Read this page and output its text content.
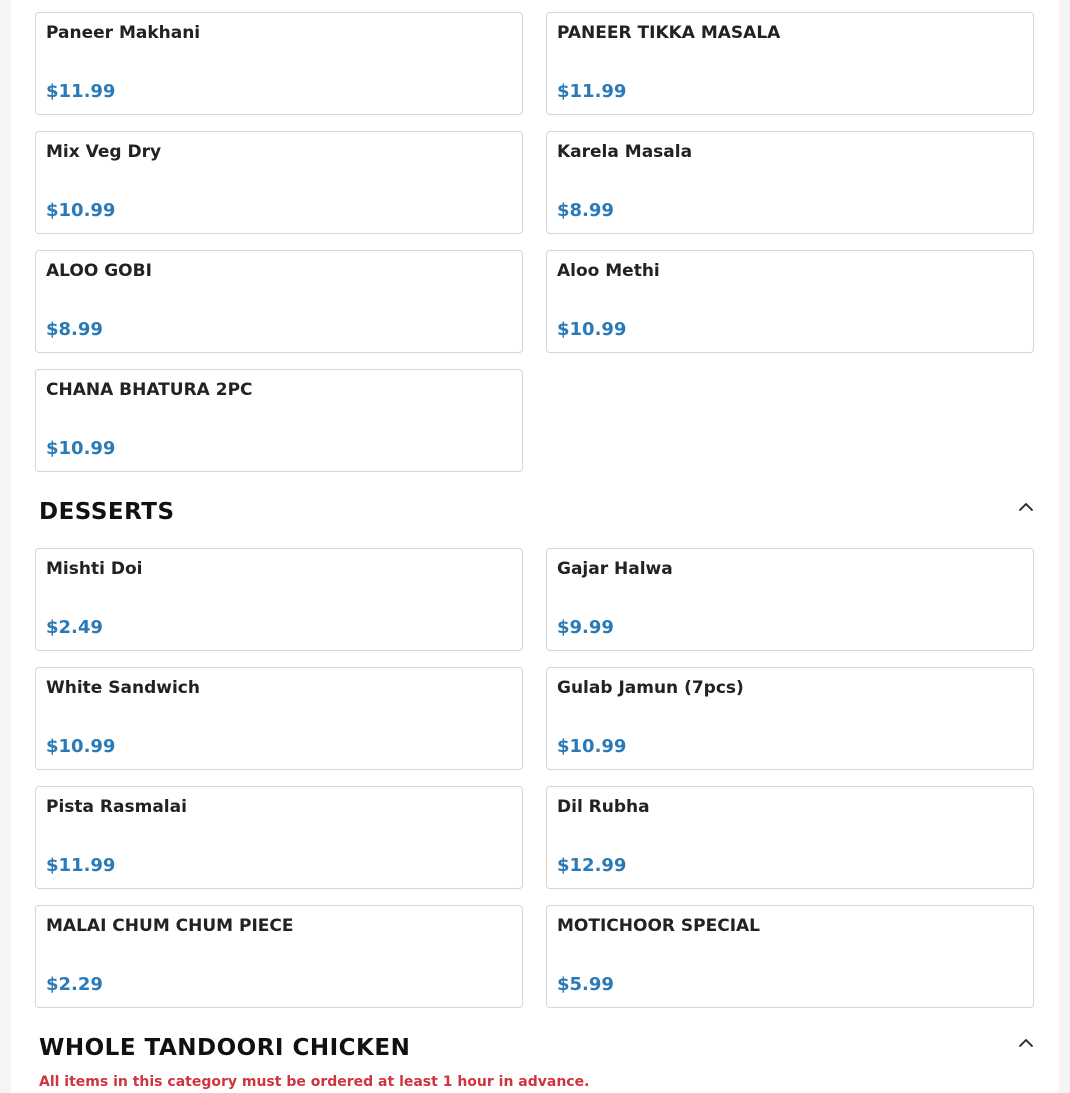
Paneer Makhani
$11.99
PANEER TIKKA MASALA
$11.99
Mix Veg Dry
$10.99
Karela Masala
$8.99
ALOO GOBI
$8.99
Aloo Methi
$10.99
CHANA BHATURA 2PC
$10.99
DESSERTS
Mishti Doi
$2.49
Gajar Halwa
$9.99
White Sandwich
$10.99
Gulab Jamun (7pcs)
$10.99
Pista Rasmalai
$11.99
Dil Rubha
$12.99
MALAI CHUM CHUM PIECE
$2.29
MOTICHOOR SPECIAL
$5.99
WHOLE TANDOORI CHICKEN
All items in this category must be ordered at least 1 hour in advance.
